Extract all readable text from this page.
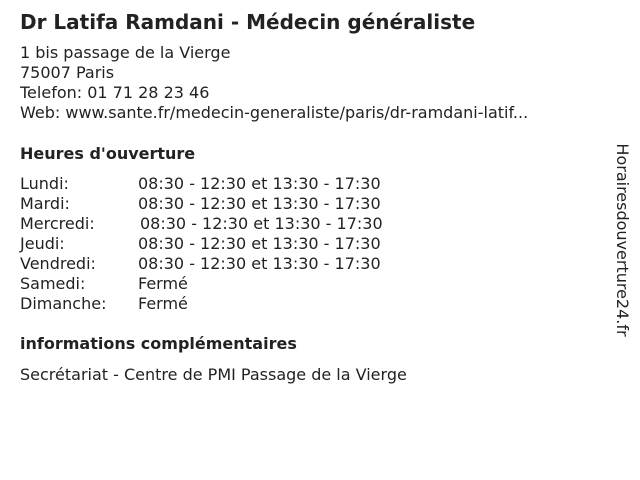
Dr Latifa Ramdani - Médecin généraliste
1 bis passage de la Vierge
75007 Paris
Telefon: 01 71 28 23 46
Web: www.sante.fr/medecin-generaliste/paris/dr-ramdani-latif...
Heures d'ouverture
Lundi:	08:30 - 12:30 et 13:30 - 17:30
Mardi:	08:30 - 12:30 et 13:30 - 17:30
Mercredi:	08:30 - 12:30 et 13:30 - 17:30
Jeudi:	08:30 - 12:30 et 13:30 - 17:30
Vendredi:	08:30 - 12:30 et 13:30 - 17:30
Samedi:	Fermé
Dimanche: Fermé
informations complémentaires
Secrétariat - Centre de PMI Passage de la Vierge
Horairesdouverture24.fr
